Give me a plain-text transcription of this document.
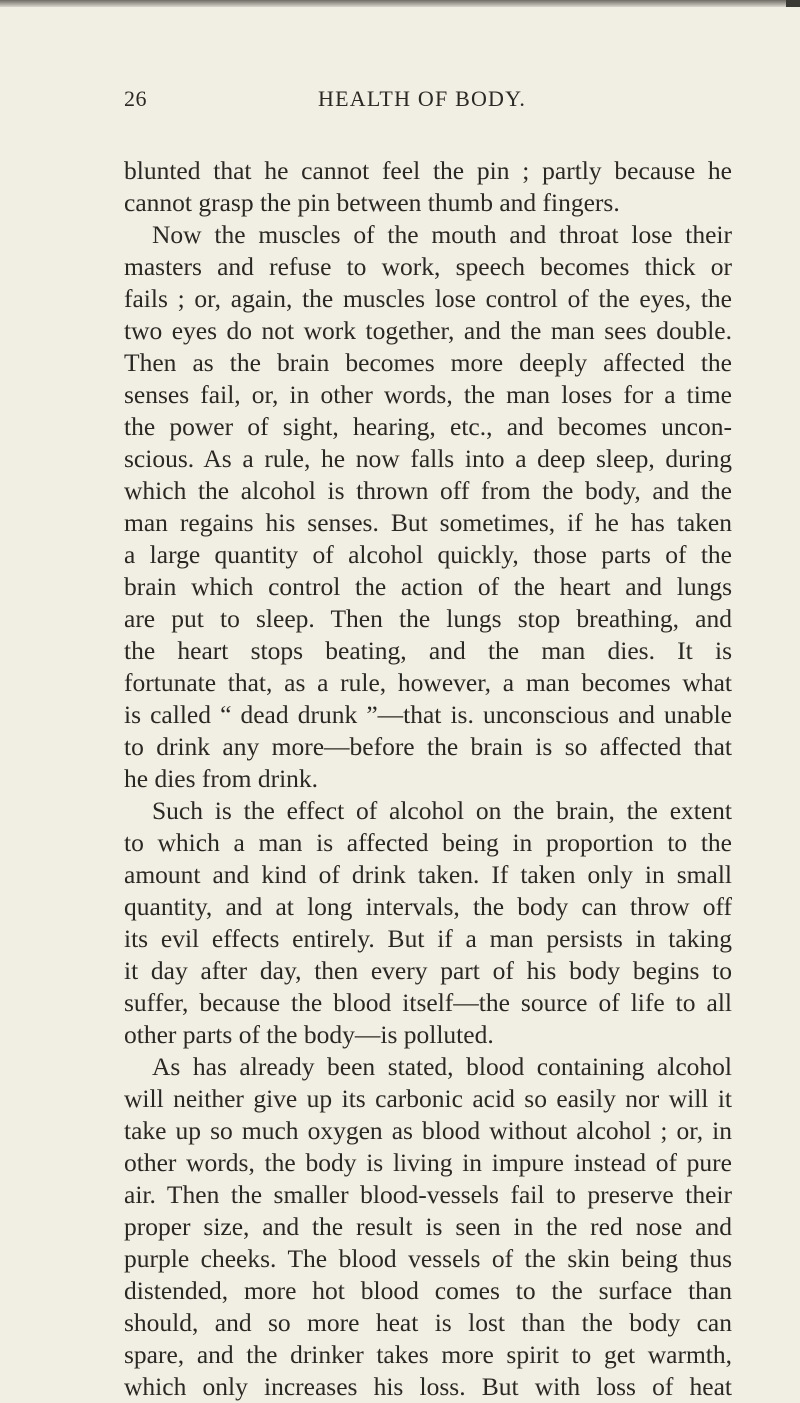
26	HEALTH OF BODY.
blunted that he cannot feel the pin ; partly because he
cannot grasp the pin between thumb and fingers.
Now the muscles of the mouth and throat lose their
masters and refuse to work, speech becomes thick or
fails ; or, again, the muscles lose control of the eyes, the
two eyes do not work together, and the man sees double.
Then as the brain becomes more deeply affected the
senses fail, or, in other words, the man loses for a time
the power of sight, hearing, etc., and becomes uncon-
scious. As a rule, he now falls into a deep sleep, during
which the alcohol is thrown off from the body, and the
man regains his senses. But sometimes, if he has taken
a large quantity of alcohol quickly, those parts of the
brain which control the action of the heart and lungs
are put to sleep. Then the lungs stop breathing, and
the heart stops beating, and the man dies. It is
fortunate that, as a rule, however, a man becomes what
is called “ dead drunk ”—that is. unconscious and unable
to drink any more—before the brain is so affected that
he dies from drink.
Such is the effect of alcohol on the brain, the extent
to which a man is affected being in proportion to the
amount and kind of drink taken. If taken only in small
quantity, and at long intervals, the body can throw off
its evil effects entirely. But if a man persists in taking
it day after day, then every part of his body begins to
suffer, because the blood itself—the source of life to all
other parts of the body—is polluted.
As has already been stated, blood containing alcohol
will neither give up its carbonic acid so easily nor will it
take up so much oxygen as blood without alcohol ; or, in
other words, the body is living in impure instead of pure
air. Then the smaller blood-vessels fail to preserve their
proper size, and the result is seen in the red nose and
purple cheeks. The blood vessels of the skin being thus
distended, more hot blood comes to the surface than
should, and so more heat is lost than the body can
spare, and the drinker takes more spirit to get warmth,
which only increases his loss. But with loss of heat
